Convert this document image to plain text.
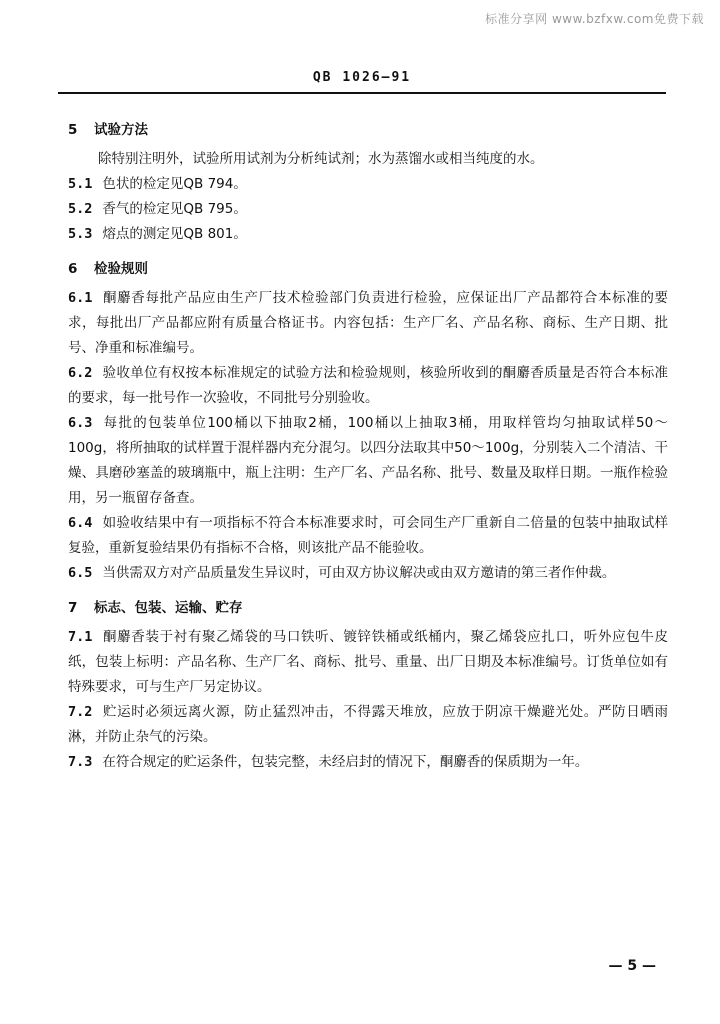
标准分享网 www.bzfxw.com免费下载
QB 1026—91
5 试验方法
除特别注明外，试验所用试剂为分析纯试剂；水为蒸馏水或相当纯度的水。
5.1 色状的检定见QB 794。
5.2 香气的检定见QB 795。
5.3 熔点的测定见QB 801。
6 检验规则
6.1 酮麝香每批产品应由生产厂技术检验部门负责进行检验，应保证出厂产品都符合本标准的要求，每批出厂产品都应附有质量合格证书。内容包括：生产厂名、产品名称、商标、生产日期、批号、净重和标准编号。
6.2 验收单位有权按本标准规定的试验方法和检验规则，核验所收到的酮麝香质量是否符合本标准的要求，每一批号作一次验收，不同批号分别验收。
6.3 每批的包装单位100桶以下抽取2桶，100桶以上抽取3桶，用取样管均匀抽取试样50～100g，将所抽取的试样置于混样器内充分混匀。以四分法取其中50～100g，分别装入二个清洁、干燥、具磨砂塞盖的玻璃瓶中，瓶上注明：生产厂名、产品名称、批号、数量及取样日期。一瓶作检验用，另一瓶留存备查。
6.4 如验收结果中有一项指标不符合本标准要求时，可会同生产厂重新自二倍量的包装中抽取试样复验，重新复验结果仍有指标不合格，则该批产品不能验收。
6.5 当供需双方对产品质量发生异议时，可由双方协议解决或由双方邀请的第三者作仲裁。
7 标志、包装、运输、贮存
7.1 酮麝香装于衬有聚乙烯袋的马口铁听、镀锌铁桶或纸桶内，聚乙烯袋应扎口，听外应包牛皮纸，包装上标明：产品名称、生产厂名、商标、批号、重量、出厂日期及本标准编号。订货单位如有特殊要求，可与生产厂另定协议。
7.2 贮运时必须远离火源，防止猛烈冲击，不得露天堆放，应放于阴凉干燥避光处。严防日晒雨淋，并防止杂气的污染。
7.3 在符合规定的贮运条件，包装完整，未经启封的情况下，酮麝香的保质期为一年。
— 5 —
